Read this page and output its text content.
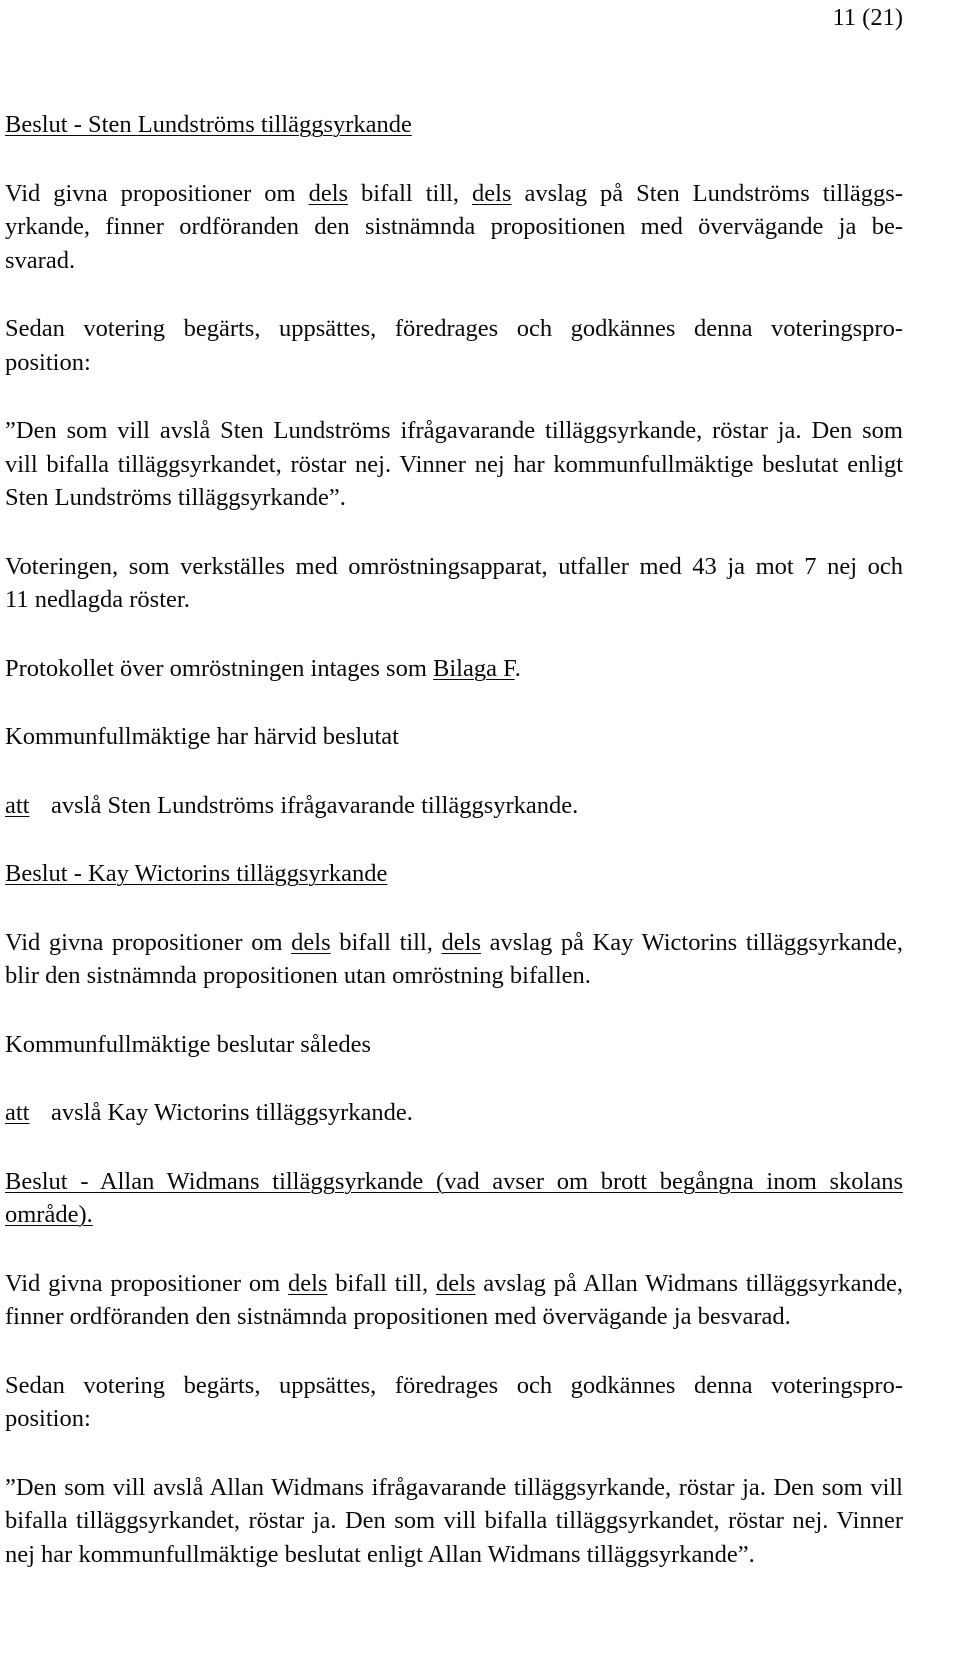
11 (21)
Beslut - Sten Lundströms tilläggsyrkande
Vid givna propositioner om dels bifall till, dels avslag på Sten Lundströms tilläggs-
yrkande, finner ordföranden den sistnämnda propositionen med övervägande ja be-
svarad.
Sedan votering begärts, uppsättes, föredrages och godkännes denna voteringspro-
position:
”Den som vill avslå Sten Lundströms ifrågavarande tilläggsyrkande, röstar ja. Den som
vill bifalla tilläggsyrkandet, röstar nej. Vinner nej har kommunfullmäktige beslutat enligt
Sten Lundströms tilläggsyrkande”.
Voteringen, som verkställes med omröstningsapparat, utfaller med 43 ja mot 7 nej och
11 nedlagda röster.
Protokollet över omröstningen intages som Bilaga F.
Kommunfullmäktige har härvid beslutat
att avslå Sten Lundströms ifrågavarande tilläggsyrkande.
Beslut - Kay Wictorins tilläggsyrkande
Vid givna propositioner om dels bifall till, dels avslag på Kay Wictorins tilläggsyrkande,
blir den sistnämnda propositionen utan omröstning bifallen.
Kommunfullmäktige beslutar således
att avslå Kay Wictorins tilläggsyrkande.
Beslut - Allan Widmans tilläggsyrkande (vad avser om brott begångna inom skolans
område).
Vid givna propositioner om dels bifall till, dels avslag på Allan Widmans tilläggsyrkande,
finner ordföranden den sistnämnda propositionen med övervägande ja besvarad.
Sedan votering begärts, uppsättes, föredrages och godkännes denna voteringspro-
position:
”Den som vill avslå Allan Widmans ifrågavarande tilläggsyrkande, röstar ja. Den som vill
bifalla tilläggsyrkandet, röstar ja. Den som vill bifalla tilläggsyrkandet, röstar nej. Vinner
nej har kommunfullmäktige beslutat enligt Allan Widmans tilläggsyrkande”.
